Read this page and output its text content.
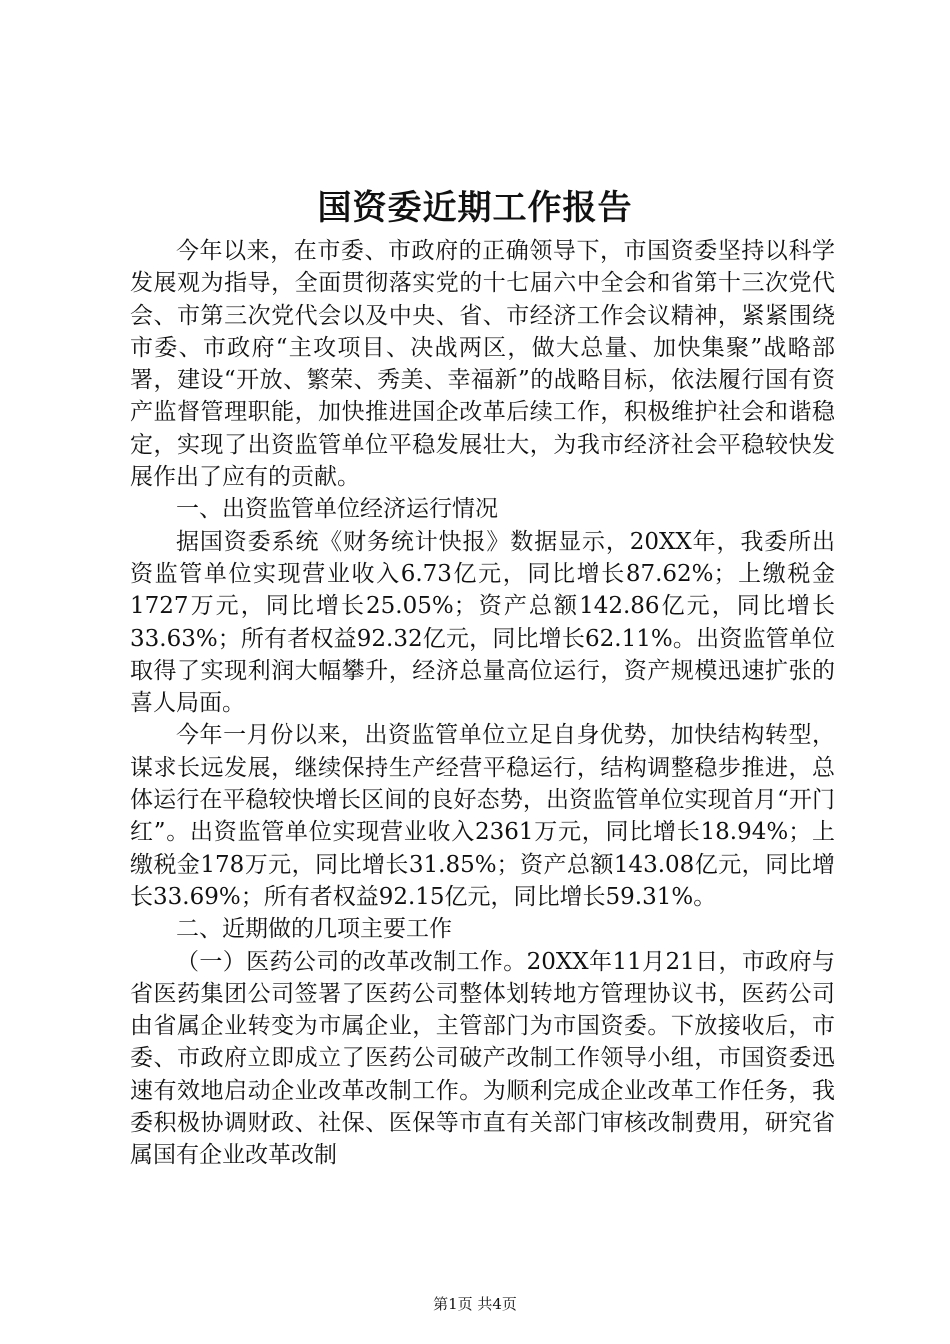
国资委近期工作报告

今年以来，在市委、市政府的正确领导下，市国资委坚持以科学发展观为指导，全面贯彻落实党的十七届六中全会和省第十三次党代会、市第三次党代会以及中央、省、市经济工作会议精神，紧紧围绕市委、市政府“主攻项目、决战两区，做大总量、加快集聚”战略部署，建设“开放、繁荣、秀美、幸福新”的战略目标，依法履行国有资产监督管理职能，加快推进国企改革后续工作，积极维护社会和谐稳定，实现了出资监管单位平稳发展壮大，为我市经济社会平稳较快发展作出了应有的贡献。

一、出资监管单位经济运行情况

据国资委系统《财务统计快报》数据显示，20XX年，我委所出资监管单位实现营业收入6.73亿元，同比增长87.62%；上缴税金1727万元，同比增长25.05%；资产总额142.86亿元，同比增长33.63%；所有者权益92.32亿元，同比增长62.11%。出资监管单位取得了实现利润大幅攀升，经济总量高位运行，资产规模迅速扩张的喜人局面。

今年一月份以来，出资监管单位立足自身优势，加快结构转型，谋求长远发展，继续保持生产经营平稳运行，结构调整稳步推进，总体运行在平稳较快增长区间的良好态势，出资监管单位实现首月“开门红”。出资监管单位实现营业收入2361万元，同比增长18.94%；上缴税金178万元，同比增长31.85%；资产总额143.08亿元，同比增长33.69%；所有者权益92.15亿元，同比增长59.31%。

二、近期做的几项主要工作

（一）医药公司的改革改制工作。20XX年11月21日，市政府与省医药集团公司签署了医药公司整体划转地方管理协议书，医药公司由省属企业转变为市属企业，主管部门为市国资委。下放接收后，市委、市政府立即成立了医药公司破产改制工作领导小组，市国资委迅速有效地启动企业改革改制工作。为顺利完成企业改革工作任务，我委积极协调财政、社保、医保等市直有关部门审核改制费用，研究省属国有企业改革改制

第1页 共4页
